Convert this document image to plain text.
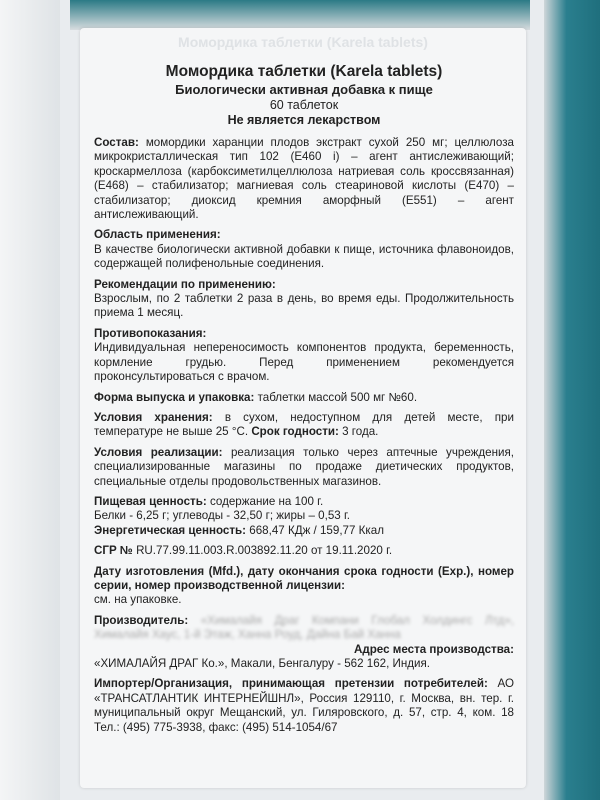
Момордика таблетки (Karela tablets)
Момордика таблетки (Karela tablets)
Биологически активная добавка к пище
60 таблеток
Не является лекарством
Состав: момордики харанции плодов экстракт сухой 250 мг; целлюлоза микрокристаллическая тип 102 (Е460 i) – агент антислеживающий; кроскармеллоза (карбоксиметилцеллюлоза натриевая соль кроссвязанная) (Е468) – стабилизатор; магниевая соль стеариновой кислоты (Е470) – стабилизатор; диоксид кремния аморфный (Е551) – агент антислеживающий.
Область применения:
В качестве биологически активной добавки к пище, источника флавоноидов, содержащей полифенольные соединения.
Рекомендации по применению:
Взрослым, по 2 таблетки 2 раза в день, во время еды. Продолжительность приема 1 месяц.
Противопоказания:
Индивидуальная непереносимость компонентов продукта, беременность, кормление грудью. Перед применением рекомендуется проконсультироваться с врачом.
Форма выпуска и упаковка: таблетки массой 500 мг №60.
Условия хранения: в сухом, недоступном для детей месте, при температуре не выше 25 °С. Срок годности: 3 года.
Условия реализации: реализация только через аптечные учреждения, специализированные магазины по продаже диетических продуктов, специальные отделы продовольственных магазинов.
Пищевая ценность: содержание на 100 г.
Белки - 6,25 г; углеводы - 32,50 г; жиры – 0,53 г.
Энергетическая ценность: 668,47 КДж / 159,77 Ккал
СГР № RU.77.99.11.003.R.003892.11.20 от 19.11.2020 г.
Дату изготовления (Mfd.), дату окончания срока годности (Exp.), номер серии, номер производственной лицензии:
см. на упаковке.
Производитель: «Хималайя Драг Компани Глобал Холдингс Лтд», Хималайя Хаус, 1-й Этаж, Ханна Роуд, Дайна Бай Ханна
Адрес места производства:
«ХИМАЛАЙЯ ДРАГ Ко.», Макали, Бенгалуру - 562 162, Индия.
Импортер/Организация, принимающая претензии потребителей: АО «ТРАНСАТЛАНТИК ИНТЕРНЕЙШНЛ», Россия 129110, г. Москва, вн. тер. г. муниципальный округ Мещанский, ул. Гиляровского, д. 57, стр. 4, ком. 18 Тел.: (495) 775-3938, факс: (495) 514-1054/67
